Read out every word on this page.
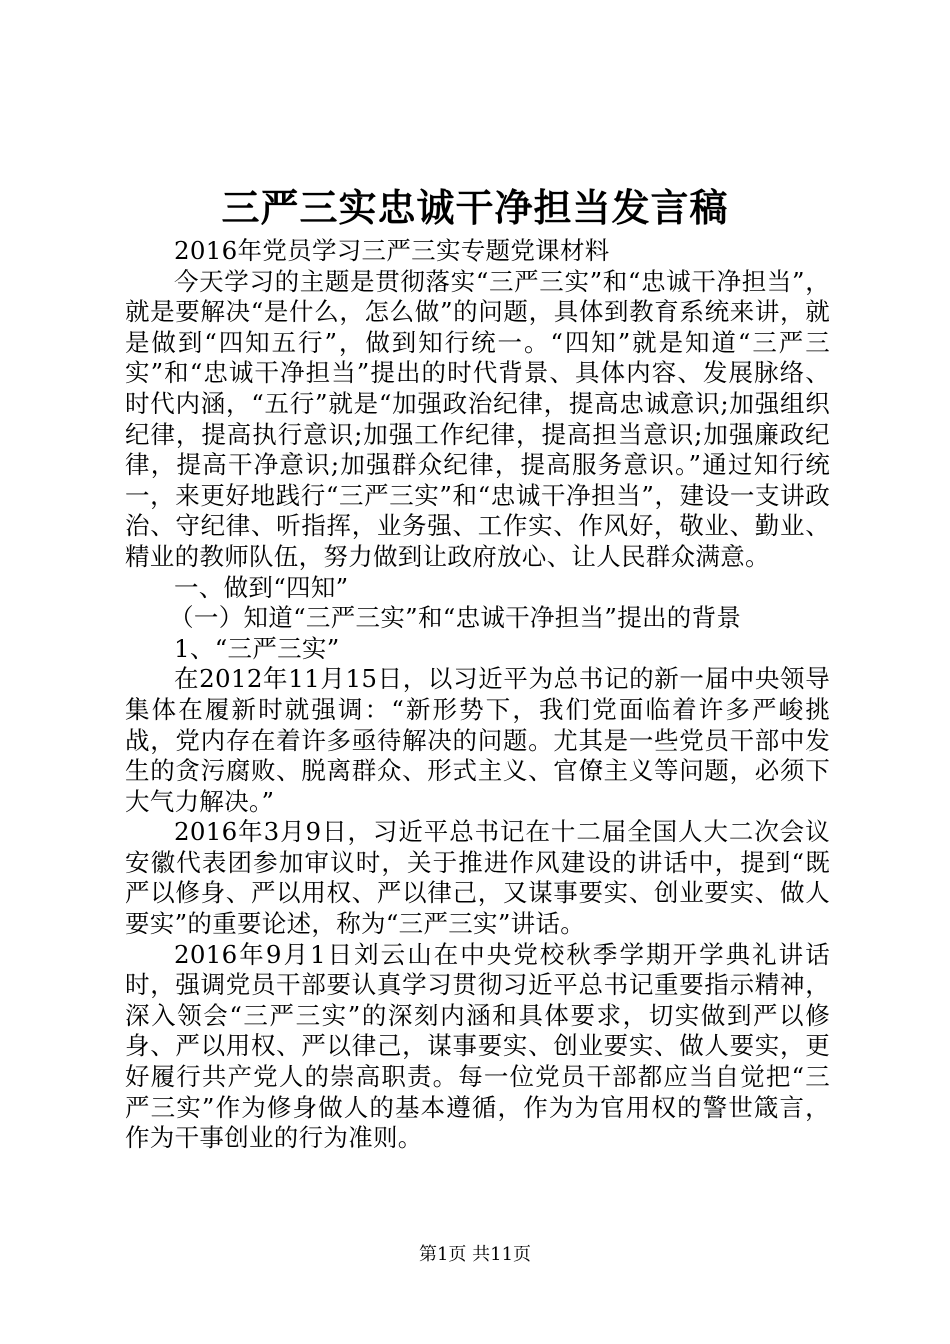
三严三实忠诚干净担当发言稿

2016年党员学习三严三实专题党课材料

今天学习的主题是贯彻落实“三严三实”和“忠诚干净担当”，就是要解决“是什么，怎么做”的问题，具体到教育系统来讲，就是做到“四知五行”，做到知行统一。“四知”就是知道“三严三实”和“忠诚干净担当”提出的时代背景、具体内容、发展脉络、时代内涵，“五行”就是“加强政治纪律，提高忠诚意识;加强组织纪律，提高执行意识;加强工作纪律，提高担当意识;加强廉政纪律，提高干净意识;加强群众纪律，提高服务意识。”通过知行统一，来更好地践行“三严三实”和“忠诚干净担当”，建设一支讲政治、守纪律、听指挥，业务强、工作实、作风好，敬业、勤业、精业的教师队伍，努力做到让政府放心、让人民群众满意。

一、做到“四知”

（一）知道“三严三实”和“忠诚干净担当”提出的背景

1、“三严三实”

在2012年11月15日，以习近平为总书记的新一届中央领导集体在履新时就强调：“新形势下，我们党面临着许多严峻挑战，党内存在着许多亟待解决的问题。尤其是一些党员干部中发生的贪污腐败、脱离群众、形式主义、官僚主义等问题，必须下大气力解决。”

2016年3月9日，习近平总书记在十二届全国人大二次会议安徽代表团参加审议时，关于推进作风建设的讲话中，提到“既严以修身、严以用权、严以律己，又谋事要实、创业要实、做人要实”的重要论述，称为“三严三实”讲话。

2016年9月1日刘云山在中央党校秋季学期开学典礼讲话时，强调党员干部要认真学习贯彻习近平总书记重要指示精神，深入领会“三严三实”的深刻内涵和具体要求，切实做到严以修身、严以用权、严以律己，谋事要实、创业要实、做人要实，更好履行共产党人的崇高职责。每一位党员干部都应当自觉把“三严三实”作为修身做人的基本遵循，作为为官用权的警世箴言，作为干事创业的行为准则。

第1页 共11页
